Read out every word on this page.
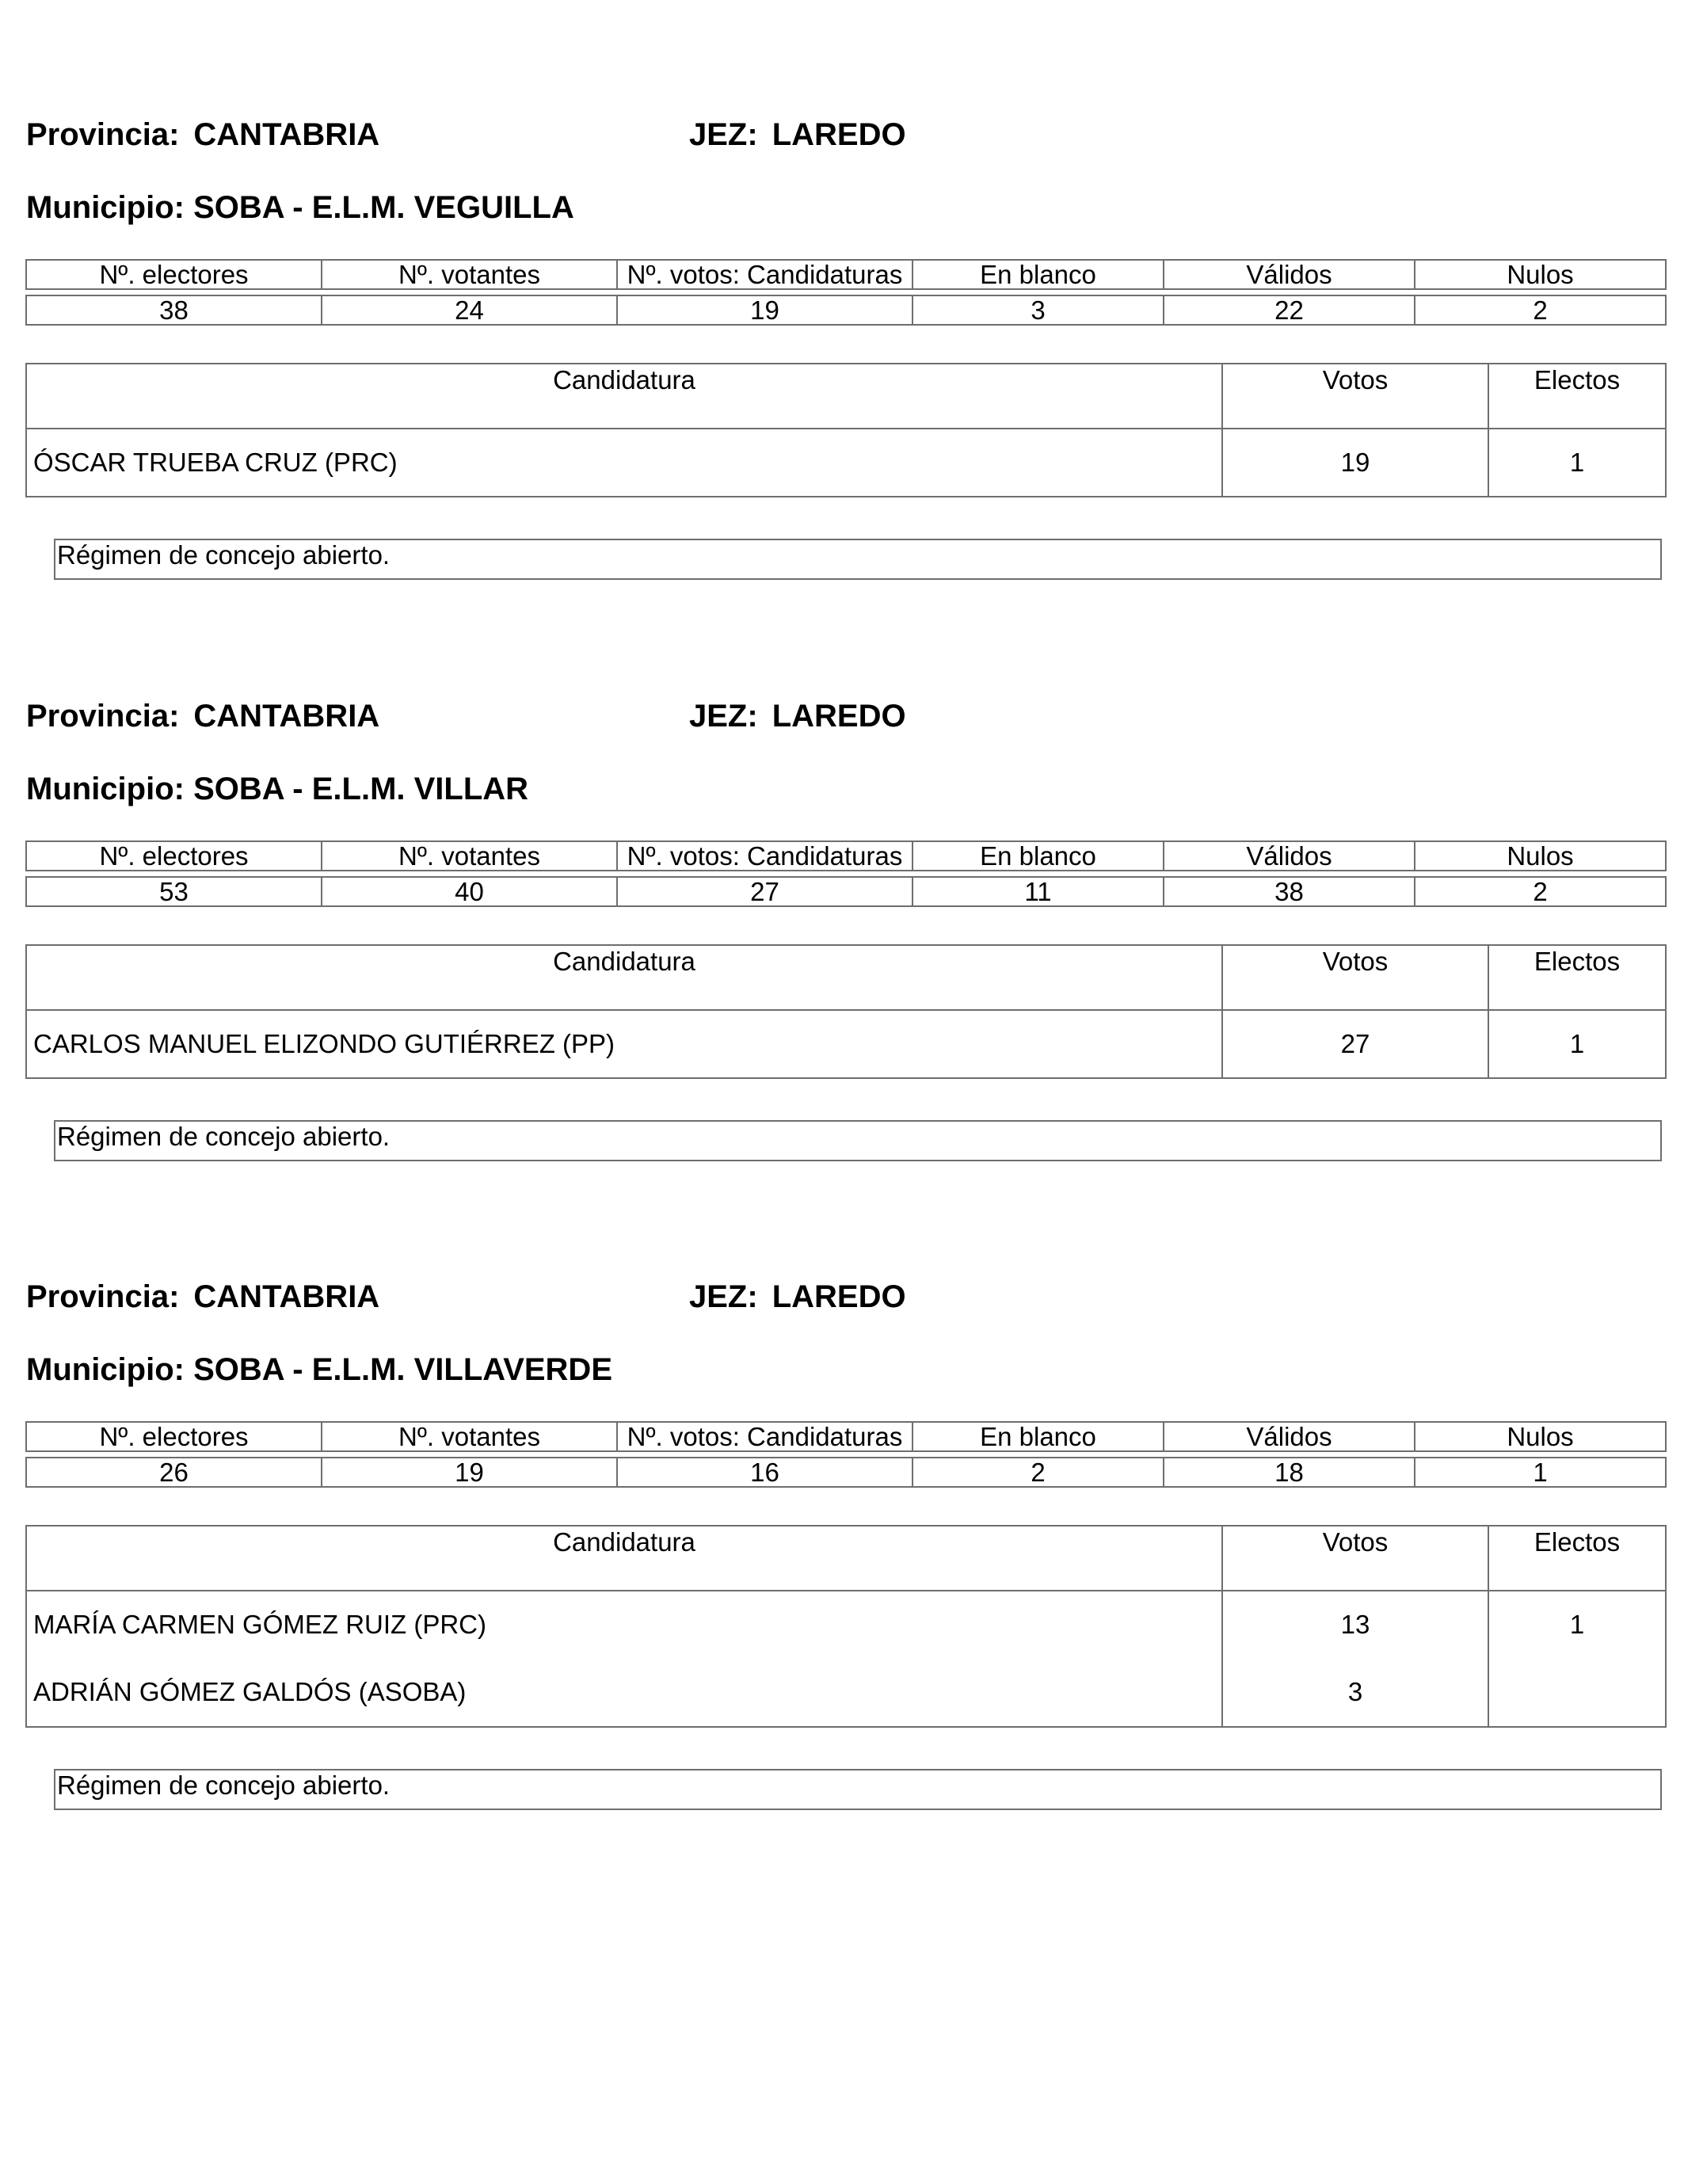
Provincia: CANTABRIA	JEZ: LAREDO
Municipio: SOBA - E.L.M. VEGUILLA
Nº. electores	Nº. votantes	Nº. votos: Candidaturas	En blanco	Válidos	Nulos

38	24	19	3	22	2
Candidatura	Votos	Electos
ÓSCAR TRUEBA CRUZ (PRC)	19	1
Régimen de concejo abierto.
Provincia: CANTABRIA	JEZ: LAREDO
Municipio: SOBA - E.L.M. VILLAR
Nº. electores	Nº. votantes	Nº. votos: Candidaturas	En blanco	Válidos	Nulos

53	40	27	11	38	2
Candidatura	Votos	Electos
CARLOS MANUEL ELIZONDO GUTIÉRREZ (PP)	27	1
Régimen de concejo abierto.
Provincia: CANTABRIA	JEZ: LAREDO
Municipio: SOBA - E.L.M. VILLAVERDE
Nº. electores	Nº. votantes	Nº. votos: Candidaturas	En blanco	Válidos	Nulos

26	19	16	2	18	1
Candidatura	Votos	Electos
MARÍA CARMEN GÓMEZ RUIZ (PRC)	13	1
ADRIÁN GÓMEZ GALDÓS (ASOBA)	3	
Régimen de concejo abierto.
